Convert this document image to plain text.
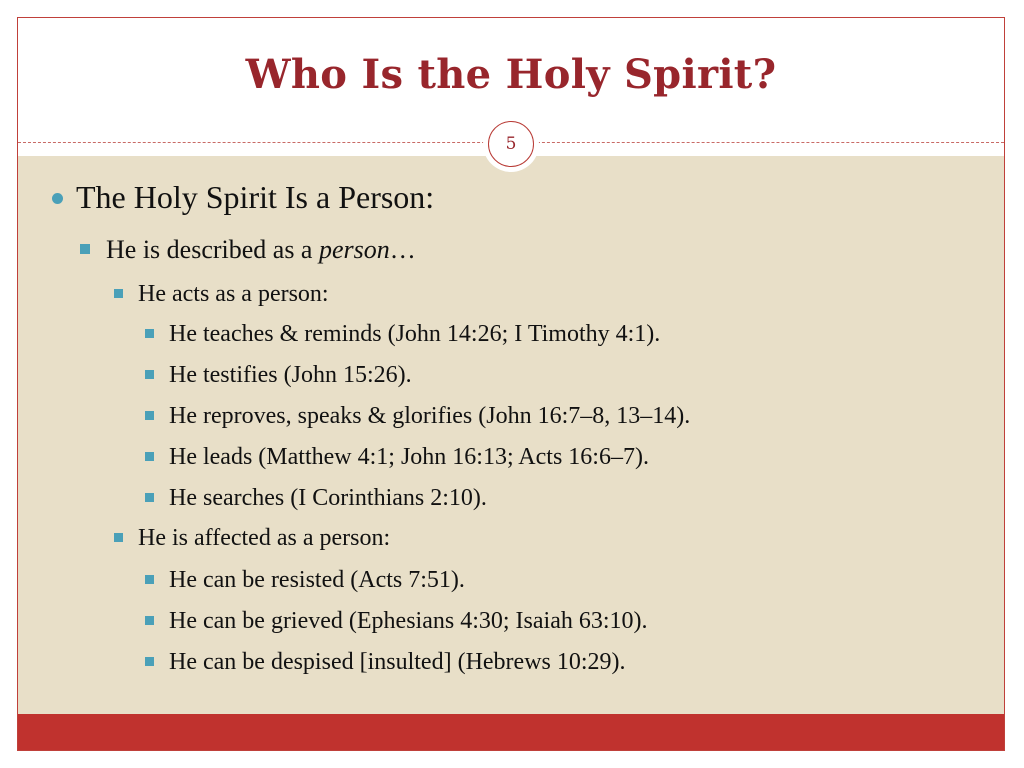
Who Is the Holy Spirit?
5
The Holy Spirit Is a Person:
He is described as a person…
He acts as a person:
He teaches & reminds (John 14:26; I Timothy 4:1).
He testifies (John 15:26).
He reproves, speaks & glorifies (John 16:7–8, 13–14).
He leads (Matthew 4:1; John 16:13; Acts 16:6–7).
He searches (I Corinthians 2:10).
He is affected as a person:
He can be resisted (Acts 7:51).
He can be grieved (Ephesians 4:30; Isaiah 63:10).
He can be despised [insulted] (Hebrews 10:29).
